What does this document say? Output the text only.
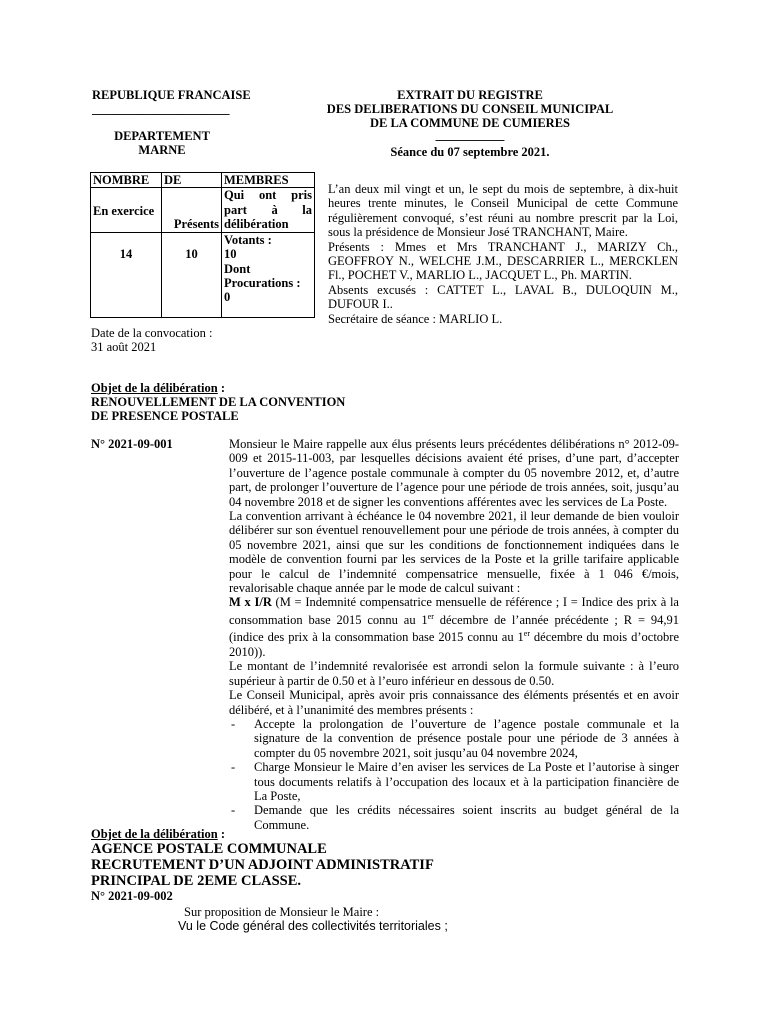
REPUBLIQUE FRANCAISE
______________________
DEPARTEMENT
MARNE
EXTRAIT DU REGISTRE
DES DELIBERATIONS DU CONSEIL MUNICIPAL
DE LA COMMUNE DE CUMIERES
___________
Séance du 07 septembre 2021.
NOMBRE	DE	MEMBRES
En exercice	Présents	Qui ont pris part à la délibération
14	10	Votants :
10
Dont
Procurations :
0
L’an deux mil vingt et un, le sept du mois de septembre, à dix-huit heures trente minutes, le Conseil Municipal de cette Commune régulièrement convoqué, s’est réuni au nombre prescrit par la Loi, sous la présidence de Monsieur José TRANCHANT, Maire.
Présents : Mmes et Mrs TRANCHANT J., MARIZY Ch., GEOFFROY N., WELCHE J.M., DESCARRIER L., MERCKLEN Fl., POCHET V., MARLIO L., JACQUET L., Ph. MARTIN.
Absents excusés : CATTET L., LAVAL B., DULOQUIN M., DUFOUR I..
Secrétaire de séance : MARLIO L.
Date de la convocation :
31 août 2021
Objet de la délibération :
RENOUVELLEMENT DE LA CONVENTION
DE PRESENCE POSTALE
N° 2021-09-001	Monsieur le Maire rappelle aux élus présents leurs précédentes délibérations n° 2012-09-009 et 2015-11-003, par lesquelles décisions avaient été prises, d’une part, d’accepter l’ouverture de l’agence postale communale à compter du 05 novembre 2012, et, d’autre part, de prolonger l’ouverture de l’agence pour une période de trois années, soit, jusqu’au 04 novembre 2018 et de signer les conventions afférentes avec les services de La Poste.
La convention arrivant à échéance le 04 novembre 2021, il leur demande de bien vouloir délibérer sur son éventuel renouvellement pour une période de trois années, à compter du 05 novembre 2021, ainsi que sur les conditions de fonctionnement indiquées dans le modèle de convention fourni par les services de la Poste et la grille tarifaire applicable pour le calcul de l’indemnité compensatrice mensuelle, fixée à 1 046 €/mois, revalorisable chaque année par le mode de calcul suivant :
M x I/R (M = Indemnité compensatrice mensuelle de référence ; I = Indice des prix à la consommation base 2015 connu au 1er décembre de l’année précédente ; R = 94,91 (indice des prix à la consommation base 2015 connu au 1er décembre du mois d’octobre 2010)).
Le montant de l’indemnité revalorisée est arrondi selon la formule suivante : à l’euro supérieur à partir de 0.50 et à l’euro inférieur en dessous de 0.50.
Le Conseil Municipal, après avoir pris connaissance des éléments présentés et en avoir délibéré, et à l’unanimité des membres présents :
- Accepte la prolongation de l’ouverture de l’agence postale communale et la signature de la convention de présence postale pour une période de 3 années à compter du 05 novembre 2021, soit jusqu’au 04 novembre 2024,
- Charge Monsieur le Maire d’en aviser les services de La Poste et l’autorise à singer tous documents relatifs à l’occupation des locaux et à la participation financière de La Poste,
- Demande que les crédits nécessaires soient inscrits au budget général de la Commune.
Objet de la délibération :
AGENCE POSTALE COMMUNALE
RECRUTEMENT D’UN ADJOINT ADMINISTRATIF
PRINCIPAL DE 2EME CLASSE.
N° 2021-09-002
Sur proposition de Monsieur le Maire :
Vu le Code général des collectivités territoriales ;
